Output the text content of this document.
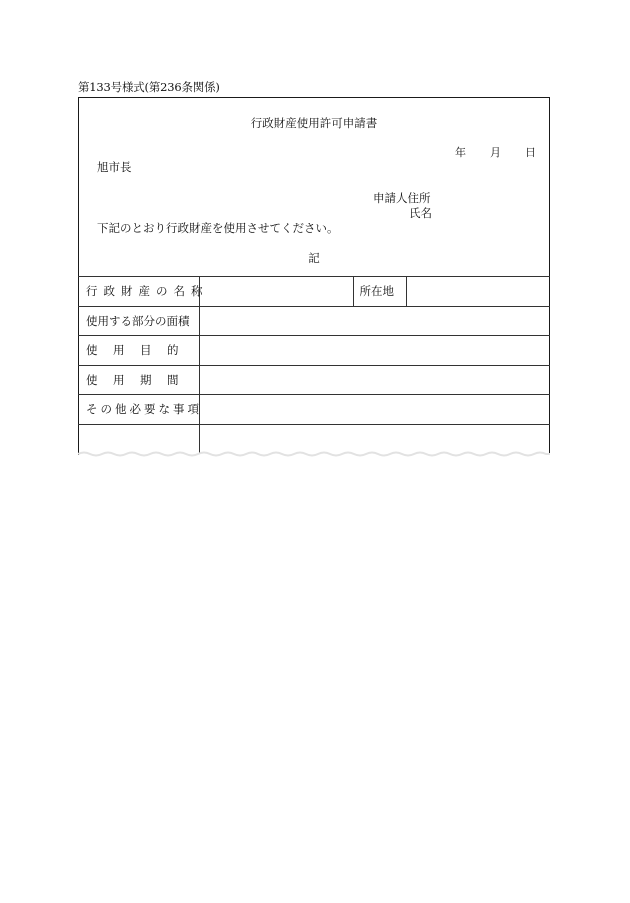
第133号様式(第236条関係)
行政財産使用許可申請書
年 月 日
旭市長
申請人住所
氏名
下記のとおり行政財産を使用させてください。
記
行政財産の名称		所在地	
使用する部分の面積			
使 用 目 的			
使 用 期 間			
その他必要な事項			
